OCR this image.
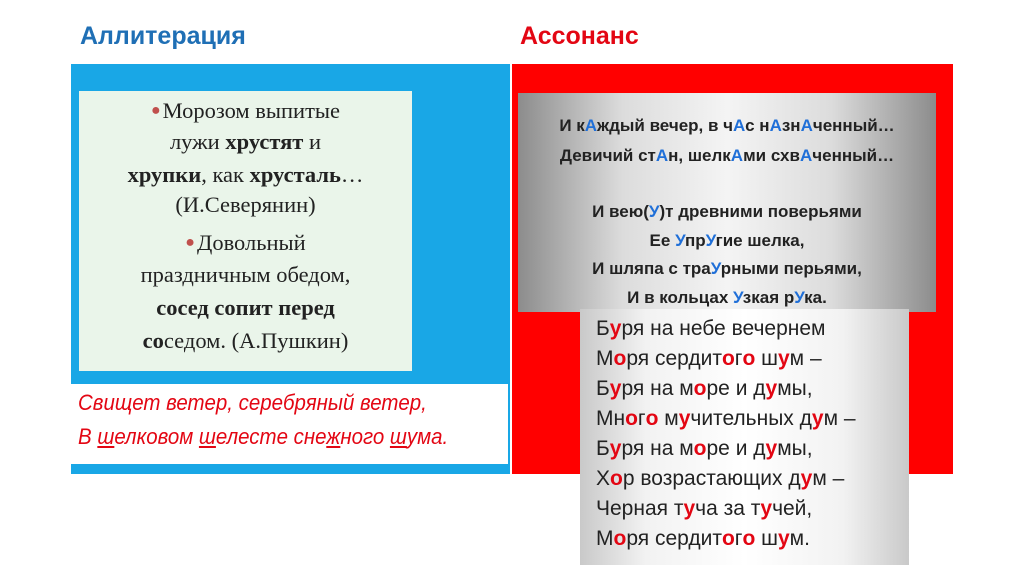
Аллитерация	Ассонанс
●Морозом выпитые
лужи хрустят и
хрупки, как хрусталь…
(И.Северянин)
●Довольный
праздничным обедом,
сосед сопит перед
соседом. (А.Пушкин)
Свищет ветер, серебряный ветер,
В шелковом шелесте снежного шума.
И кАждый вечер, в чАс нАзнАченный…
Девичий стАн, шелкАми схвАченный…
И вею(У)т древними поверьями
Ее УпрУгие шелка,
И шляпа с траУрными перьями,
И в кольцах Узкая рУка.
Буря на небе вечернем
Моря сердитого шум –
Буря на море и думы,
Много мучительных дум –
Буря на море и думы,
Хор возрастающих дум –
Черная туча за тучей,
Моря сердитого шум.
